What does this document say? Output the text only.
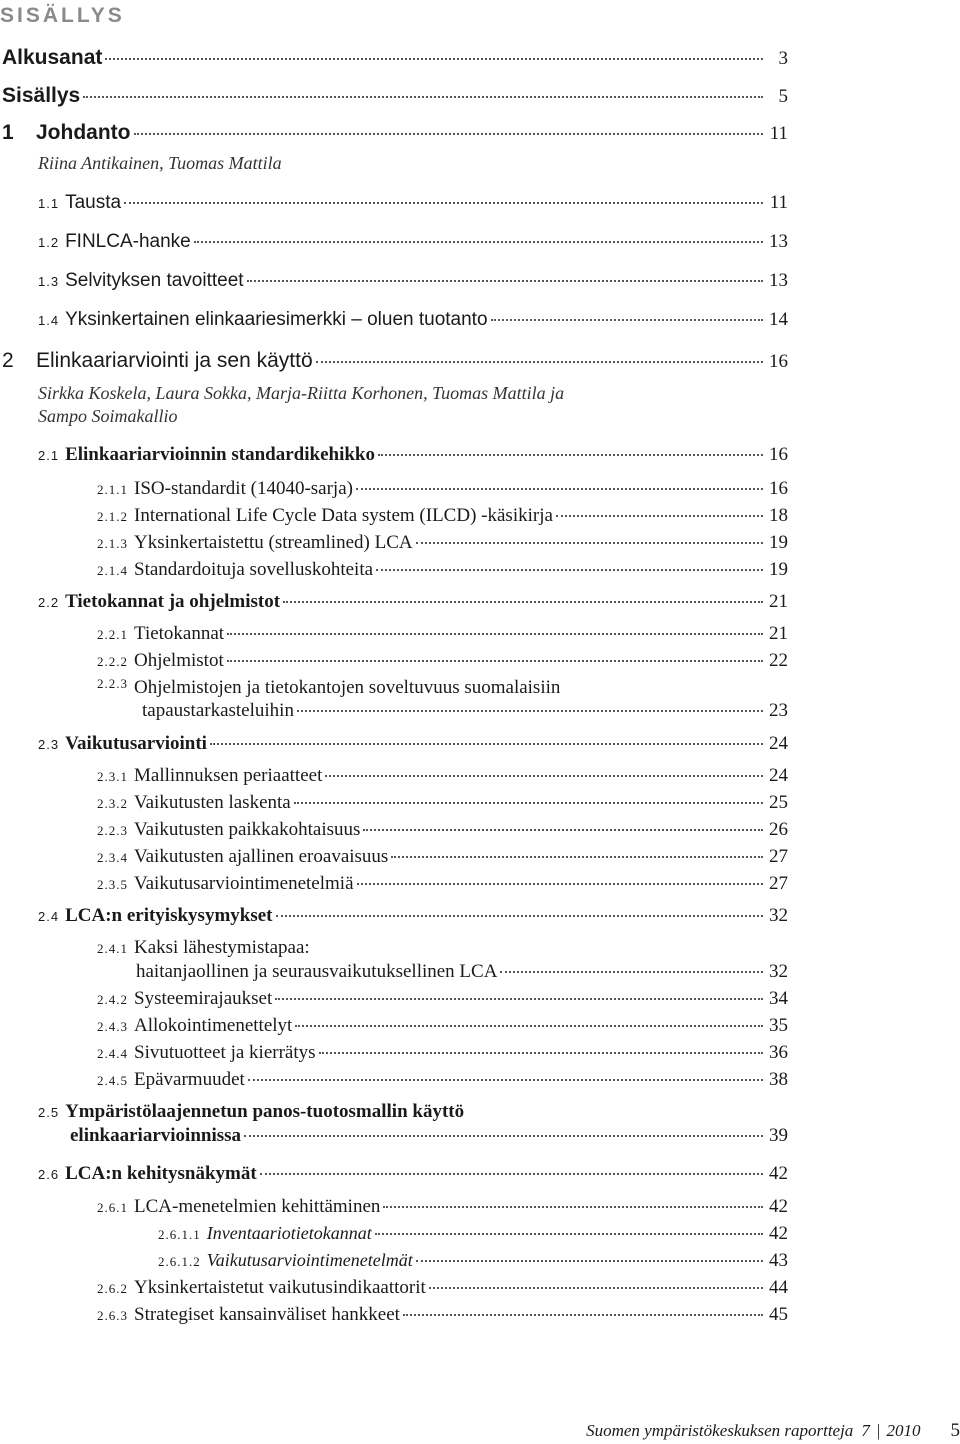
SISÄLLYS
Alkusanat	3
Sisällys	5
1	Johdanto	11
Riina Antikainen, Tuomas Mattila
1.1 Tausta	11
1.2 FINLCA-hanke	13
1.3 Selvityksen tavoitteet	13
1.4 Yksinkertainen elinkaariesimerkki – oluen tuotanto	14
2	Elinkaariarviointi ja sen käyttö	16
Sirkka Koskela, Laura Sokka, Marja-Riitta Korhonen, Tuomas Mattila ja
Sampo Soimakallio
2.1 Elinkaariarvioinnin standardikehikko	16
2.1.1 ISO-standardit (14040-sarja)	16
2.1.2 International Life Cycle Data system (ILCD) -käsikirja	18
2.1.3 Yksinkertaistettu (streamlined) LCA	19
2.1.4 Standardoituja sovelluskohteita	19
2.2 Tietokannat ja ohjelmistot	21
2.2.1 Tietokannat	21
2.2.2 Ohjelmistot	22
2.2.3 Ohjelmistojen ja tietokantojen soveltuvuus suomalaisiin
tapaustarkasteluihin	23
2.3 Vaikutusarviointi	24
2.3.1 Mallinnuksen periaatteet	24
2.3.2 Vaikutusten laskenta	25
2.2.3 Vaikutusten paikkakohtaisuus	26
2.3.4 Vaikutusten ajallinen eroavaisuus	27
2.3.5 Vaikutusarviointimenetelmiä	27
2.4 LCA:n erityiskysymykset	32
2.4.1 Kaksi lähestymistapaa:
haitanjaollinen ja seurausvaikutuksellinen LCA	32
2.4.2 Systeemirajaukset	34
2.4.3 Allokointimenettelyt	35
2.4.4 Sivutuotteet ja kierrätys	36
2.4.5 Epävarmuudet	38
2.5 Ympäristölaajennetun panos-tuotosmallin käyttö
elinkaariarvioinnissa	39
2.6 LCA:n kehitysnäkymät	42
2.6.1 LCA-menetelmien kehittäminen	42
2.6.1.1 Inventaariotietokannat	42
2.6.1.2 Vaikutusarviointimenetelmät	43
2.6.2 Yksinkertaistetut vaikutusindikaattorit	44
2.6.3 Strategiset kansainväliset hankkeet	45
Suomen ympäristökeskuksen raportteja 7 | 2010 5
